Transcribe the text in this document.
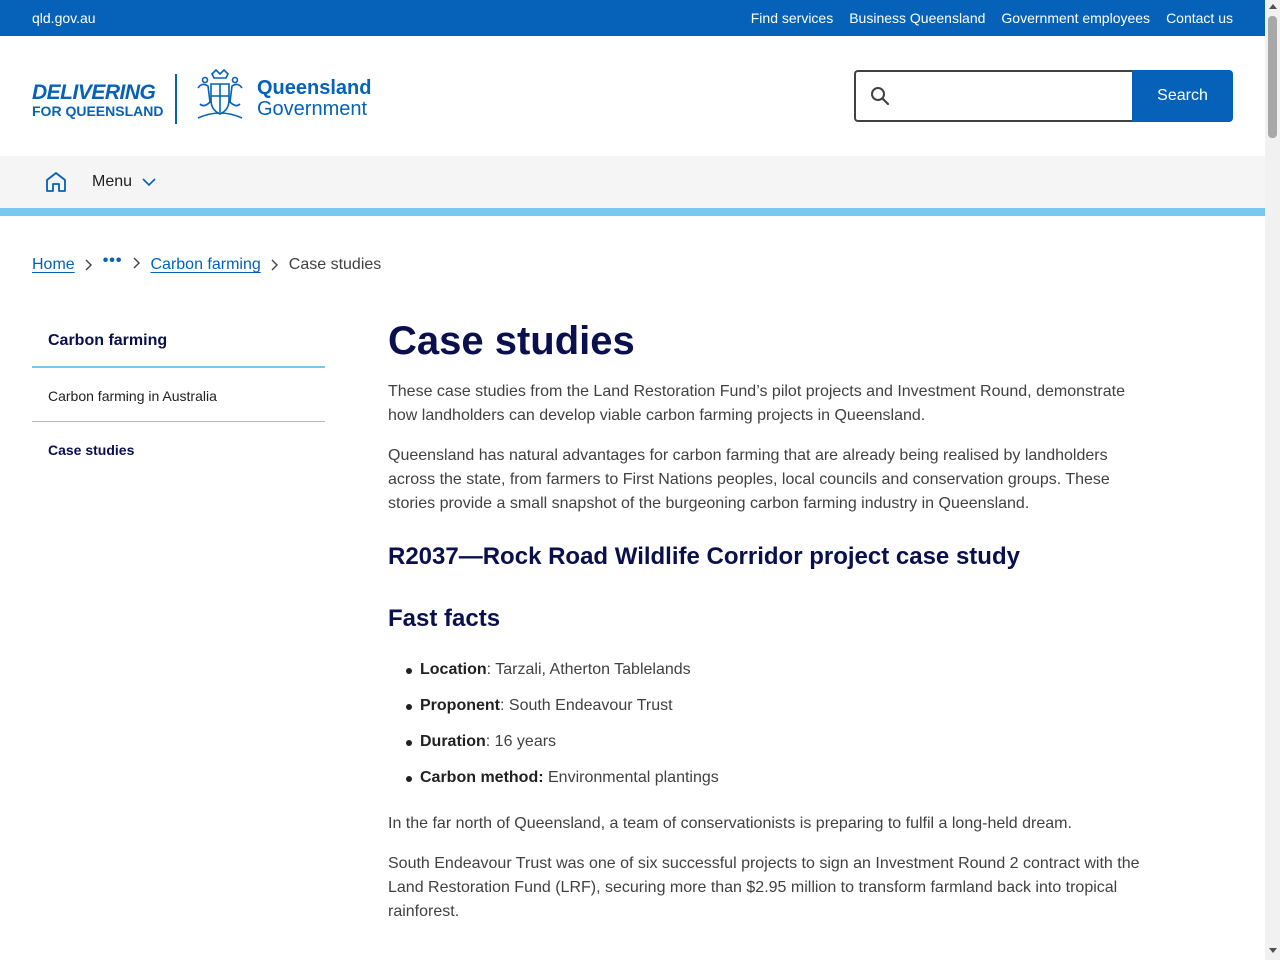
qld.gov.au	Find services Business Queensland Government employees Contact us
DELIVERING
FOR QUEENSLAND
Queensland
Government
Search
Menu
Home ••• Carbon farming Case studies
Carbon farming
Carbon farming in Australia
Case studies
Case studies

These case studies from the Land Restoration Fund’s pilot projects and Investment Round, demonstrate how landholders can develop viable carbon farming projects in Queensland.

Queensland has natural advantages for carbon farming that are already being realised by landholders across the state, from farmers to First Nations peoples, local councils and conservation groups. These stories provide a small snapshot of the burgeoning carbon farming industry in Queensland.

R2037—Rock Road Wildlife Corridor project case study
Fast facts
Location: Tarzali, Atherton Tablelands
Proponent: South Endeavour Trust
Duration: 16 years
Carbon method: Environmental plantings

In the far north of Queensland, a team of conservationists is preparing to fulfil a long-held dream.

South Endeavour Trust was one of six successful projects to sign an Investment Round 2 contract with the Land Restoration Fund (LRF), securing more than $2.95 million to transform farmland back into tropical rainforest.
